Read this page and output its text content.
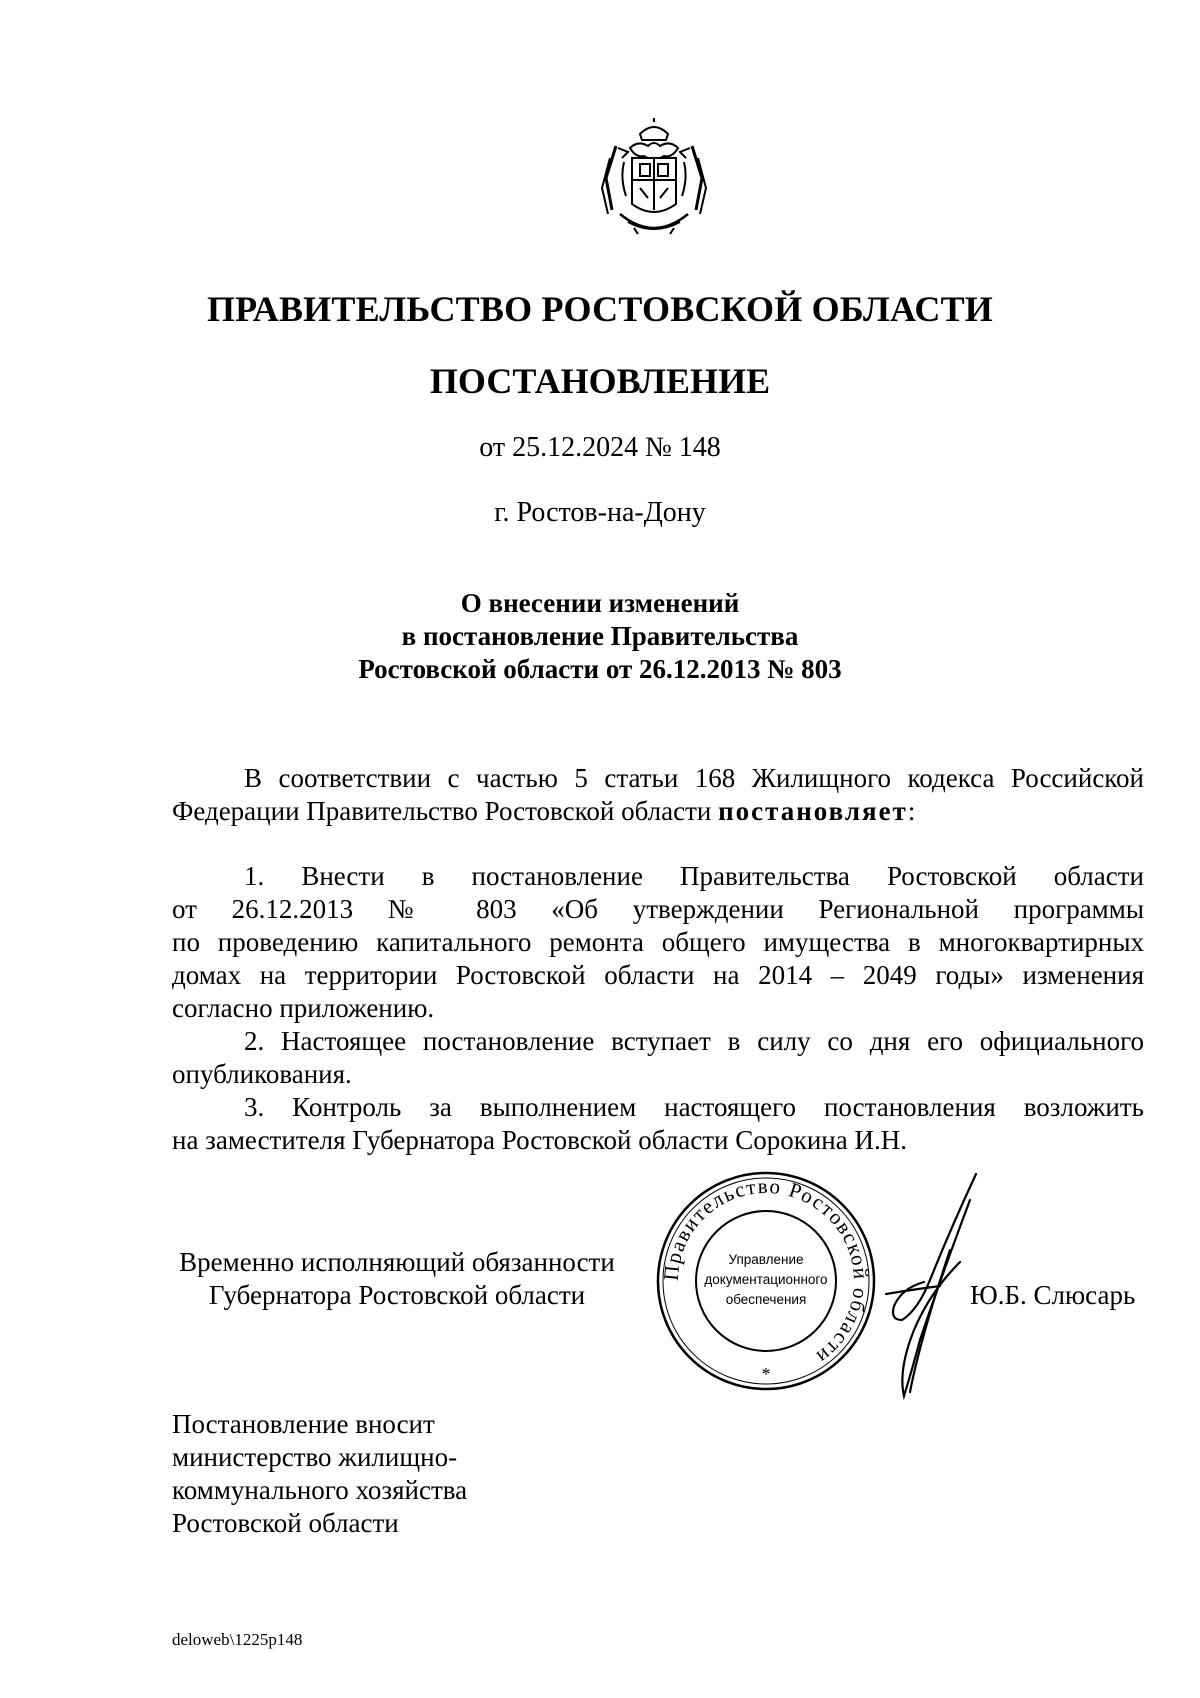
ПРАВИТЕЛЬСТВО РОСТОВСКОЙ ОБЛАСТИ
ПОСТАНОВЛЕНИЕ
от 25.12.2024 № 148
г. Ростов-на-Дону
О внесении изменений
в постановление Правительства
Ростовской области от 26.12.2013 № 803
В соответствии с частью 5 статьи 168 Жилищного кодекса Российской
Федерации Правительство Ростовской области постановляет:
1. Внести в постановление Правительства Ростовской области
от 26.12.2013 № 803 «Об утверждении Региональной программы
по проведению капитального ремонта общего имущества в многоквартирных
домах на территории Ростовской области на 2014 – 2049 годы» изменения
согласно приложению.
2. Настоящее постановление вступает в силу со дня его официального
опубликования.
3. Контроль за выполнением настоящего постановления возложить
на заместителя Губернатора Ростовской области Сорокина И.Н.
Временно исполняющий обязанности
Губернатора Ростовской области
Правительство Ростовской области
Управление
документационного
обеспечения
*
Ю.Б. Слюсарь
Постановление вносит
министерство жилищно-
коммунального хозяйства
Ростовской области
deloweb\1225p148
